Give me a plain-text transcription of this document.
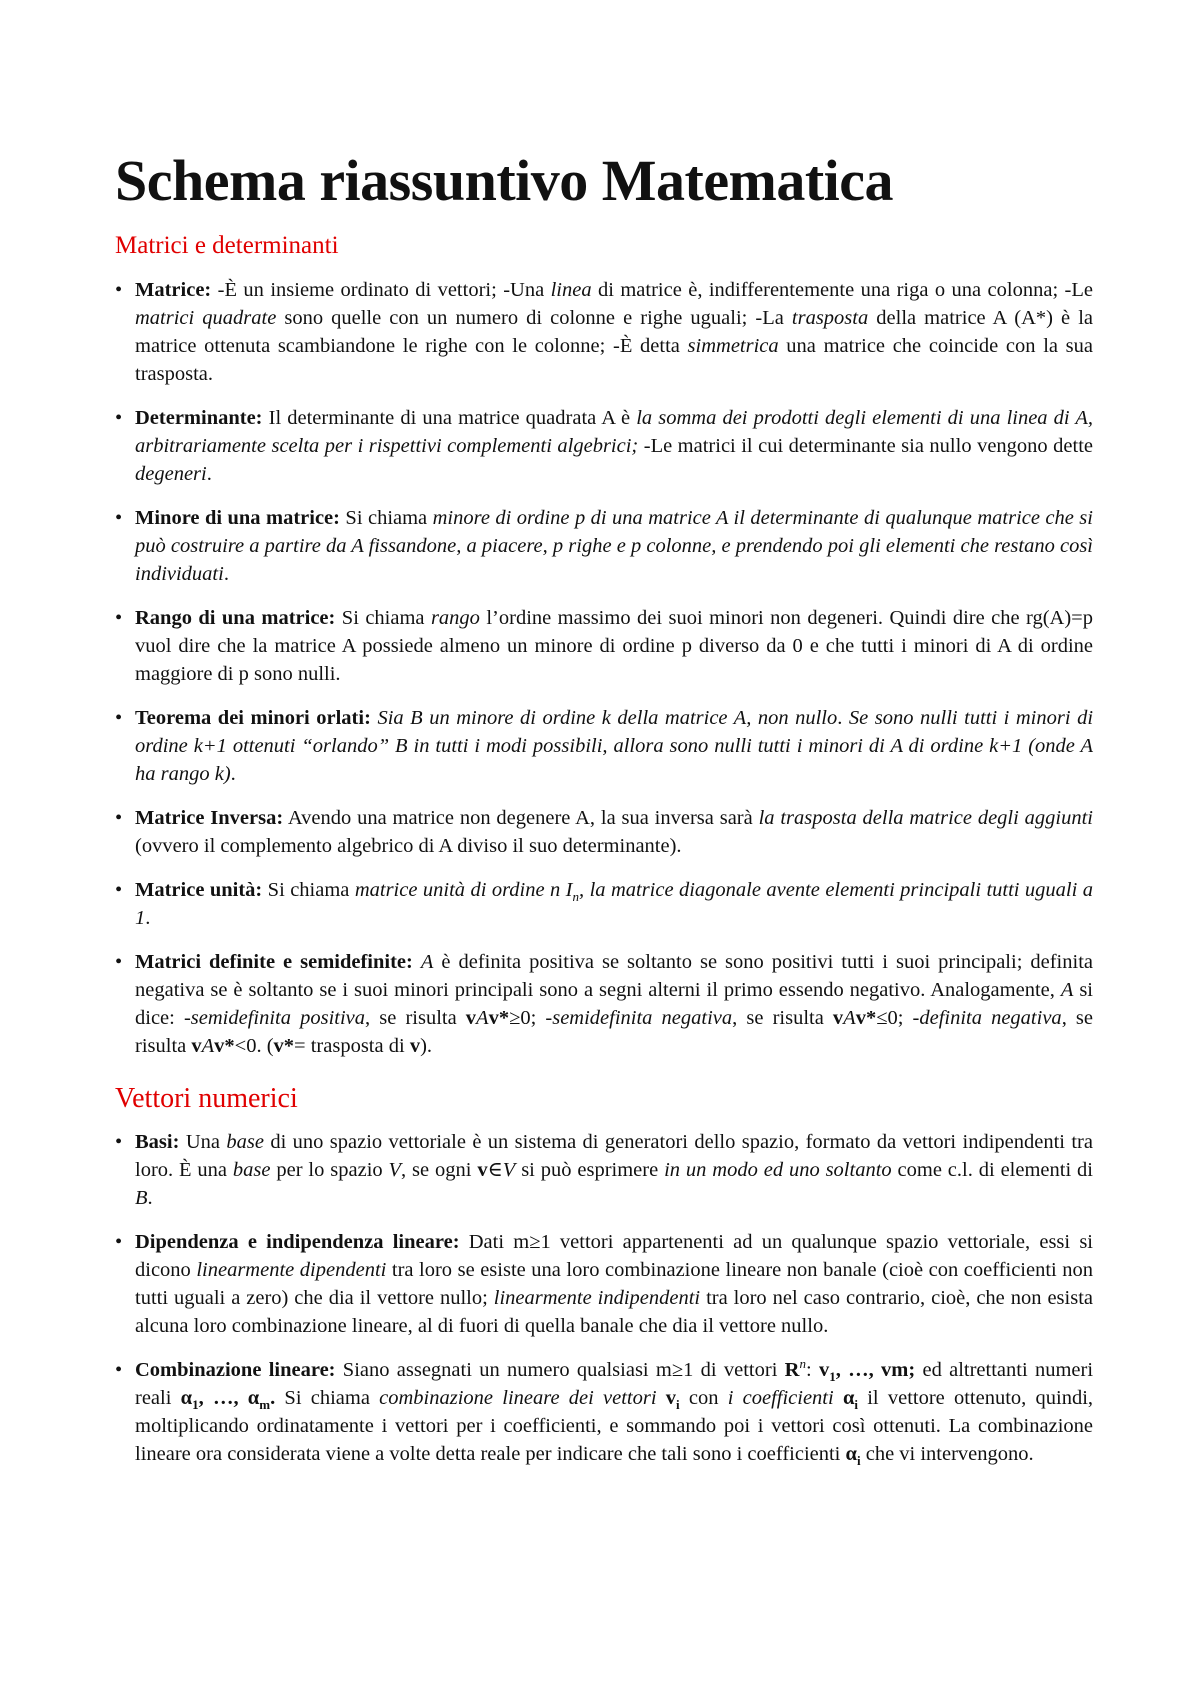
Schema riassuntivo Matematica
Matrici e determinanti
• Matrice: -È un insieme ordinato di vettori; -Una linea di matrice è, indifferentemente una riga o una colonna; -Le matrici quadrate sono quelle con un numero di colonne e righe uguali; -La trasposta della matrice A (A*) è la matrice ottenuta scambiandone le righe con le colonne; -È detta simmetrica una matrice che coincide con la sua trasposta.
• Determinante: Il determinante di una matrice quadrata A è la somma dei prodotti degli elementi di una linea di A, arbitrariamente scelta per i rispettivi complementi algebrici; -Le matrici il cui determinante sia nullo vengono dette degeneri.
• Minore di una matrice: Si chiama minore di ordine p di una matrice A il determinante di qualunque matrice che si può costruire a partire da A fissandone, a piacere, p righe e p colonne, e prendendo poi gli elementi che restano così individuati.
• Rango di una matrice: Si chiama rango l’ordine massimo dei suoi minori non degeneri. Quindi dire che rg(A)=p vuol dire che la matrice A possiede almeno un minore di ordine p diverso da 0 e che tutti i minori di A di ordine maggiore di p sono nulli.
• Teorema dei minori orlati: Sia B un minore di ordine k della matrice A, non nullo. Se sono nulli tutti i minori di ordine k+1 ottenuti “orlando” B in tutti i modi possibili, allora sono nulli tutti i minori di A di ordine k+1 (onde A ha rango k).
• Matrice Inversa: Avendo una matrice non degenere A, la sua inversa sarà la trasposta della matrice degli aggiunti (ovvero il complemento algebrico di A diviso il suo determinante).
• Matrice unità: Si chiama matrice unità di ordine n $I_n$, la matrice diagonale avente elementi principali tutti uguali a 1.
• Matrici definite e semidefinite: A è definita positiva se soltanto se sono positivi tutti i suoi principali; definita negativa se è soltanto se i suoi minori principali sono a segni alterni il primo essendo negativo. Analogamente, A si dice: -semidefinita positiva, se risulta vAv*≥0; -semidefinita negativa, se risulta vAv*≤0; -definita negativa, se risulta vAv*<0. (v*= trasposta di v).
Vettori numerici
• Basi: Una base di uno spazio vettoriale è un sistema di generatori dello spazio, formato da vettori indipendenti tra loro. È una base per lo spazio V, se ogni v∈V si può esprimere in un modo ed uno soltanto come c.l. di elementi di B.
• Dipendenza e indipendenza lineare: Dati m≥1 vettori appartenenti ad un qualunque spazio vettoriale, essi si dicono linearmente dipendenti tra loro se esiste una loro combinazione lineare non banale (cioè con coefficienti non tutti uguali a zero) che dia il vettore nullo; linearmente indipendenti tra loro nel caso contrario, cioè, che non esista alcuna loro combinazione lineare, al di fuori di quella banale che dia il vettore nullo.
• Combinazione lineare: Siano assegnati un numero qualsiasi m≥1 di vettori $R^n$: $v_1$, …, vm; ed altrettanti numeri reali $\alpha_1$, …, $\alpha_m$. Si chiama combinazione lineare dei vettori $v_i$ con i coefficienti $\alpha_i$ il vettore ottenuto, quindi, moltiplicando ordinatamente i vettori per i coefficienti, e sommando poi i vettori così ottenuti. La combinazione lineare ora considerata viene a volte detta reale per indicare che tali sono i coefficienti $\alpha_i$ che vi intervengono.
